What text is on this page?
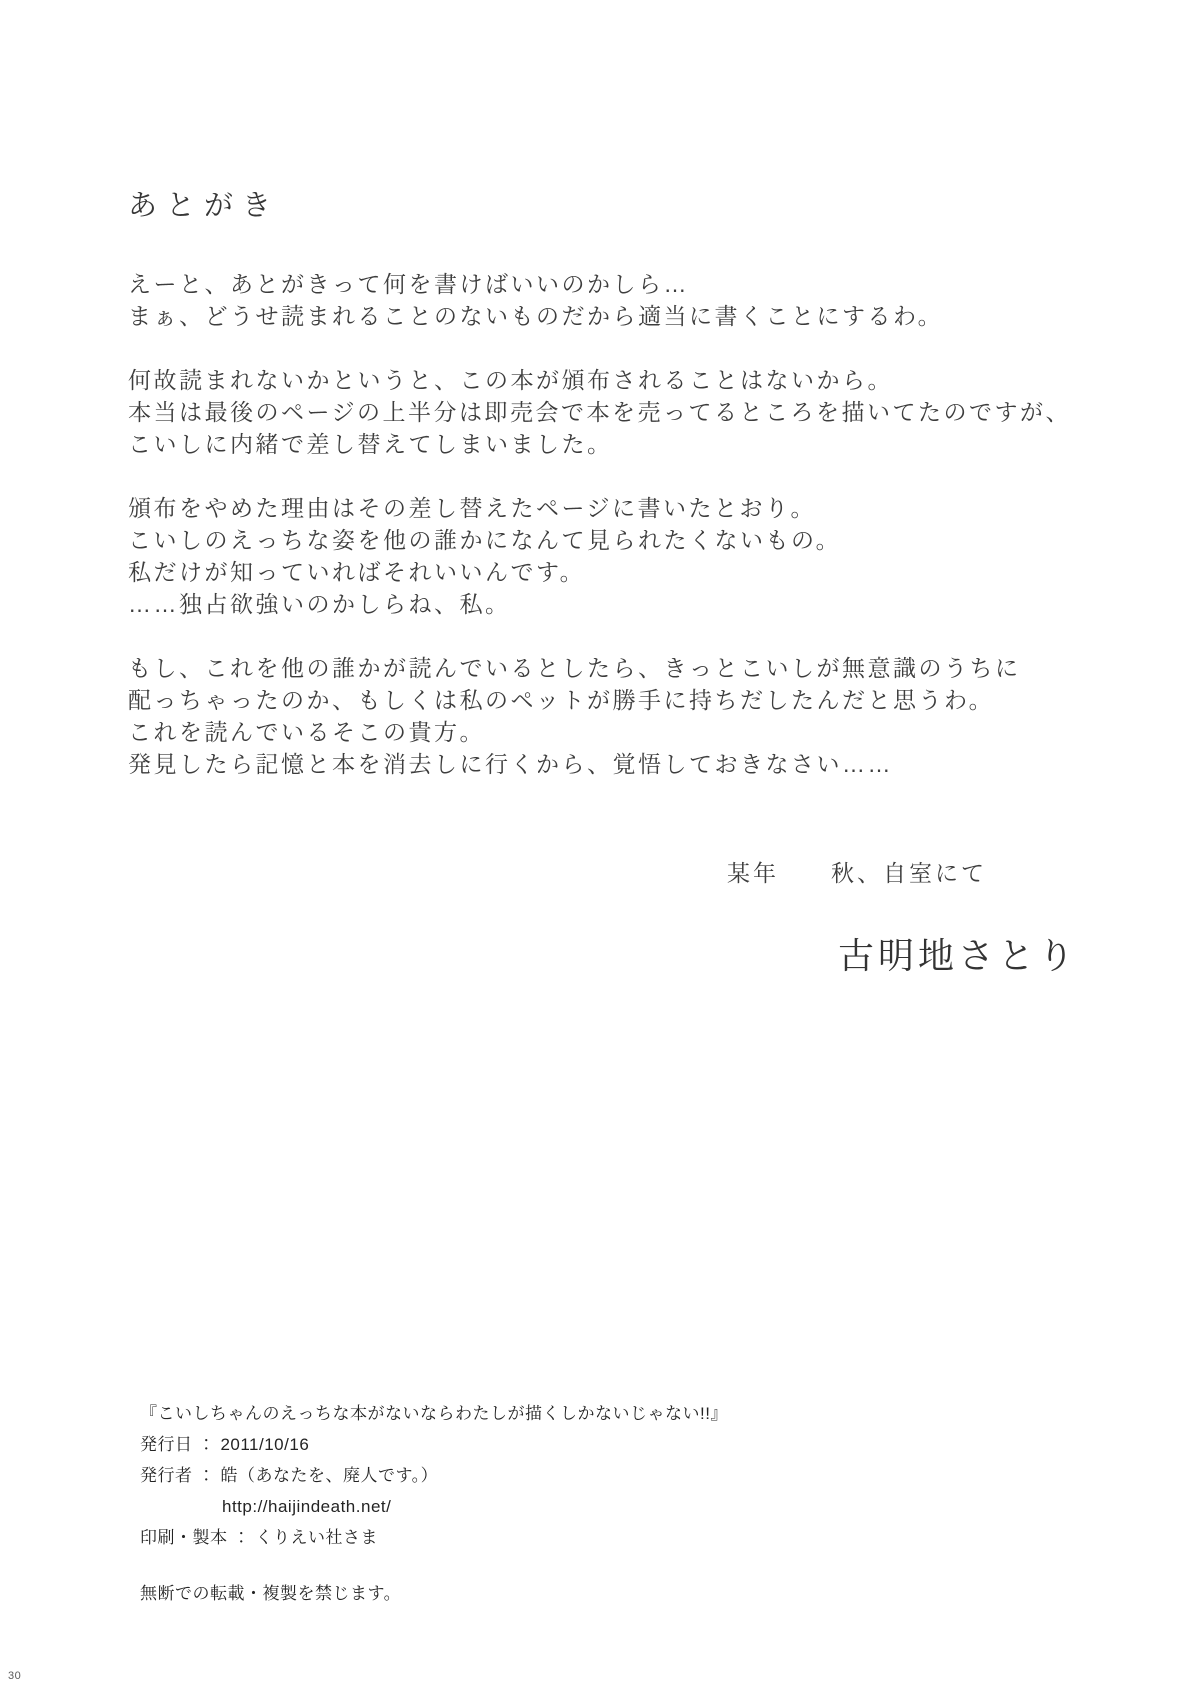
あとがき

えーと、あとがきって何を書けばいいのかしら…
まぁ、どうせ読まれることのないものだから適当に書くことにするわ。

何故読まれないかというと、この本が頒布されることはないから。
本当は最後のページの上半分は即売会で本を売ってるところを描いてたのですが、
こいしに内緒で差し替えてしまいました。

頒布をやめた理由はその差し替えたページに書いたとおり。
こいしのえっちな姿を他の誰かになんて見られたくないもの。
私だけが知っていればそれいいんです。
……独占欲強いのかしらね、私。

もし、これを他の誰かが読んでいるとしたら、きっとこいしが無意識のうちに
配っちゃったのか、もしくは私のペットが勝手に持ちだしたんだと思うわ。
これを読んでいるそこの貴方。
発見したら記憶と本を消去しに行くから、覚悟しておきなさい……

某年　　秋、自室にて
古明地さとり
『こいしちゃんのえっちな本がないならわたしが描くしかないじゃない!!』
発行日 ： 2011/10/16
発行者 ： 皓（あなたを、廃人です。）
http://haijindeath.net/
印刷・製本 ： くりえい社さま
無断での転載・複製を禁じます。
30
